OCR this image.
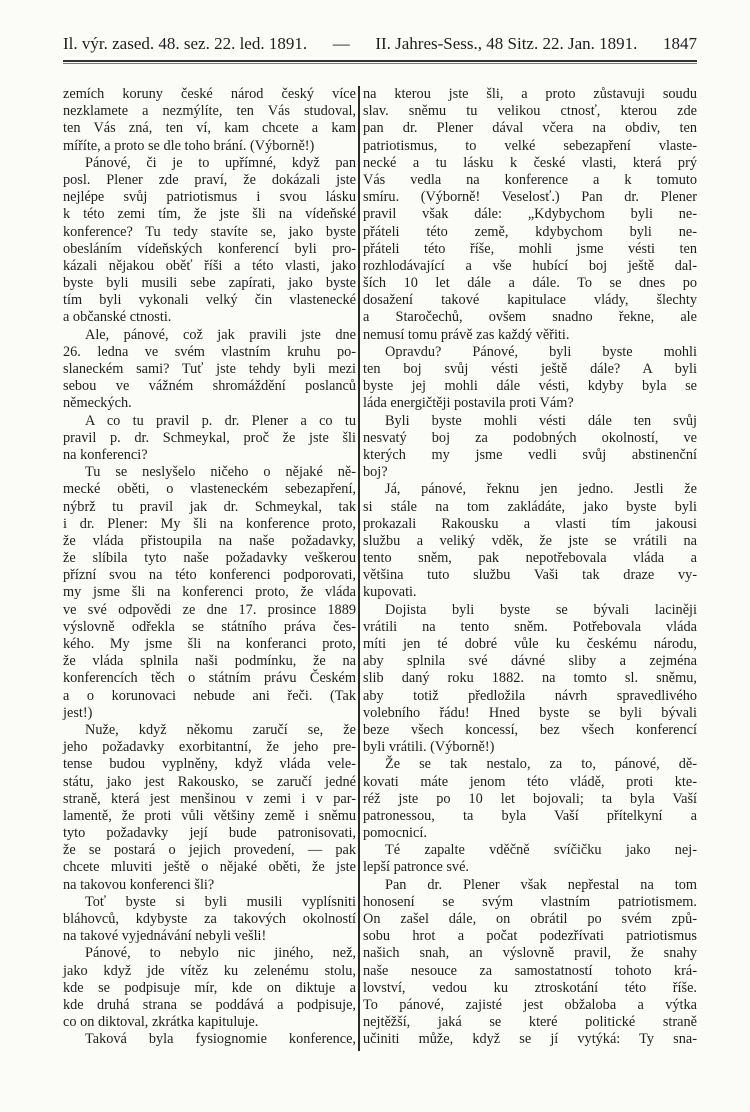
Il. výr. zased. 48. sez. 22. led. 1891. — II. Jahres-Sess., 48 Sitz. 22. Jan. 1891. 1847
zemích koruny české národ český více
nezklamete a nezmýlíte, ten Vás studoval,
ten Vás zná, ten ví, kam chcete a kam
míříte, a proto se dle toho brání. (Výborně!)
Pánové, či je to upřímné, když pan
posl. Plener zde praví, že dokázali jste
nejlépe svůj patriotismus i svou lásku
k této zemi tím, že jste šli na vídeňské
konference? Tu tedy stavíte se, jako byste
obesláním vídeňských konferencí byli pro-
kázali nějakou oběť říši a této vlasti, jako
byste byli musili sebe zapírati, jako byste
tím byli vykonali velký čin vlastenecké
a občanské ctnosti.
Ale, pánové, což jak pravili jste dne
26. ledna ve svém vlastním kruhu po-
slaneckém sami? Tuť jste tehdy byli mezi
sebou ve vážném shromáždění poslanců
německých.
A co tu pravil p. dr. Plener a co tu
pravil p. dr. Schmeykal, proč že jste šli
na konferenci?
Tu se neslyšelo ničeho o nějaké ně-
mecké oběti, o vlasteneckém sebezapření,
nýbrž tu pravil jak dr. Schmeykal, tak
i dr. Plener: My šli na konference proto,
že vláda přistoupila na naše požadavky,
že slíbila tyto naše požadavky veškerou
přízní svou na této konferenci podporovati,
my jsme šli na konferenci proto, že vláda
ve své odpovědi ze dne 17. prosince 1889
výslovně odřekla se státního práva čes-
kého. My jsme šli na konferanci proto,
že vláda splnila naši podmínku, že na
konferencích těch o státním právu Českém
a o korunovaci nebude ani řeči. (Tak
jest!)
Nuže, když někomu zaručí se, že
jeho požadavky exorbitantní, že jeho pre-
tense budou vyplněny, když vláda vele-
státu, jako jest Rakousko, se zaručí jedné
straně, která jest menšinou v zemi i v par-
lamentě, že proti vůli většiny země i sněmu
tyto požadavky její bude patronisovati,
že se postará o jejich provedení, — pak
chcete mluviti ještě o nějaké oběti, že jste
na takovou konferenci šli?
Toť byste si byli musili vyplísniti
bláhovců, kdybyste za takových okolností
na takové vyjednávání nebyli vešli!
Pánové, to nebylo nic jiného, než,
jako když jde vítěz ku zelenému stolu,
kde se podpisuje mír, kde on diktuje a
kde druhá strana se poddává a podpisuje,
co on diktoval, zkrátka kapituluje.
Taková byla fysiognomie konference,
na kterou jste šli, a proto zůstavuji soudu
slav. sněmu tu velikou ctnosť, kterou zde
pan dr. Plener dával včera na obdiv, ten
patriotismus, to velké sebezapření vlaste-
necké a tu lásku k české vlasti, která prý
Vás vedla na konference a k tomuto
smíru. (Výborně! Veselosť.) Pan dr. Plener
pravil však dále: „Kdybychom byli ne-
přáteli této země, kdybychom byli ne-
přáteli této říše, mohli jsme vésti ten
rozhlodávající a vše hubící boj ještě dal-
ších 10 let dále a dále. To se dnes po
dosažení takové kapitulace vlády, šlechty
a Staročechů, ovšem snadno řekne, ale
nemusí tomu právě zas každý věřiti.
Opravdu? Pánové, byli byste mohli
ten boj svůj vésti ještě dále? A byli
byste jej mohli dále vésti, kdyby byla se
láda energičtěji postavila proti Vám?
Byli byste mohli vésti dále ten svůj
nesvatý boj za podobných okolností, ve
kterých my jsme vedli svůj abstinenční
boj?
Já, pánové, řeknu jen jedno. Jestli že
si stále na tom zakládáte, jako byste byli
prokazali Rakousku a vlasti tím jakousi
službu a veliký vděk, že jste se vrátili na
tento sněm, pak nepotřebovala vláda a
většina tuto službu Vaši tak draze vy-
kupovati.
Dojista byli byste se bývali laciněji
vrátili na tento sněm. Potřebovala vláda
míti jen té dobré vůle ku českému národu,
aby splnila své dávné sliby a zejména
slib daný roku 1882. na tomto sl. sněmu,
aby totiž předložila návrh spravedlivého
volebního řádu! Hned byste se byli bývali
beze všech koncessí, bez všech konferencí
byli vrátili. (Výborně!)
Že se tak nestalo, za to, pánové, dě-
kovati máte jenom této vládě, proti kte-
réž jste po 10 let bojovali; ta byla Vaší
patronessou, ta byla Vaší přítelkyní a
pomocnicí.
Té zapalte vděčně svíčičku jako nej-
lepší patronce své.
Pan dr. Plener však nepřestal na tom
honosení se svým vlastním patriotismem.
On zašel dále, on obrátil po svém způ-
sobu hrot a počat podezřívati patriotismus
našich snah, an výslovně pravil, že snahy
naše nesouce za samostatností tohoto krá-
lovství, vedou ku ztroskotání této říše.
To pánové, zajisté jest obžaloba a výtka
nejtěžší, jaká se které politické straně
učiniti může, když se jí vytýká: Ty sna-
